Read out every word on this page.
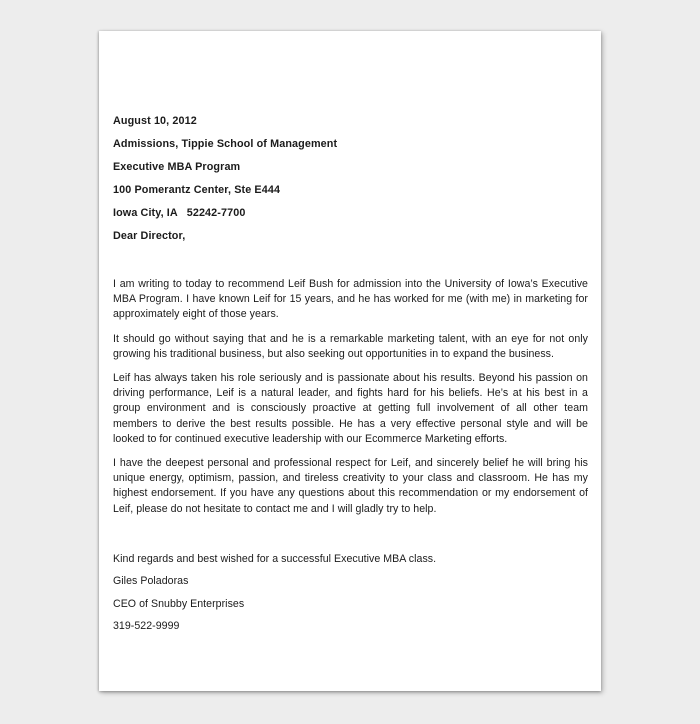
August 10, 2012
Admissions, Tippie School of Management
Executive MBA Program
100 Pomerantz Center, Ste E444
Iowa City, IA   52242-7700
Dear Director,

I am writing to today to recommend Leif Bush for admission into the University of Iowa’s Executive MBA Program. I have known Leif for 15 years, and he has worked for me (with me) in marketing for approximately eight of those years.

It should go without saying that and he is a remarkable marketing talent, with an eye for not only growing his traditional business, but also seeking out opportunities in to expand the business.

Leif has always taken his role seriously and is passionate about his results. Beyond his passion on driving performance, Leif is a natural leader, and fights hard for his beliefs. He’s at his best in a group environment and is consciously proactive at getting full involvement of all other team members to derive the best results possible. He has a very effective personal style and will be looked to for continued executive leadership with our Ecommerce Marketing efforts.

I have the deepest personal and professional respect for Leif, and sincerely belief he will bring his unique energy, optimism, passion, and tireless creativity to your class and classroom. He has my highest endorsement. If you have any questions about this recommendation or my endorsement of Leif, please do not hesitate to contact me and I will gladly try to help.

Kind regards and best wished for a successful Executive MBA class.
Giles Poladoras
CEO of Snubby Enterprises
319-522-9999
